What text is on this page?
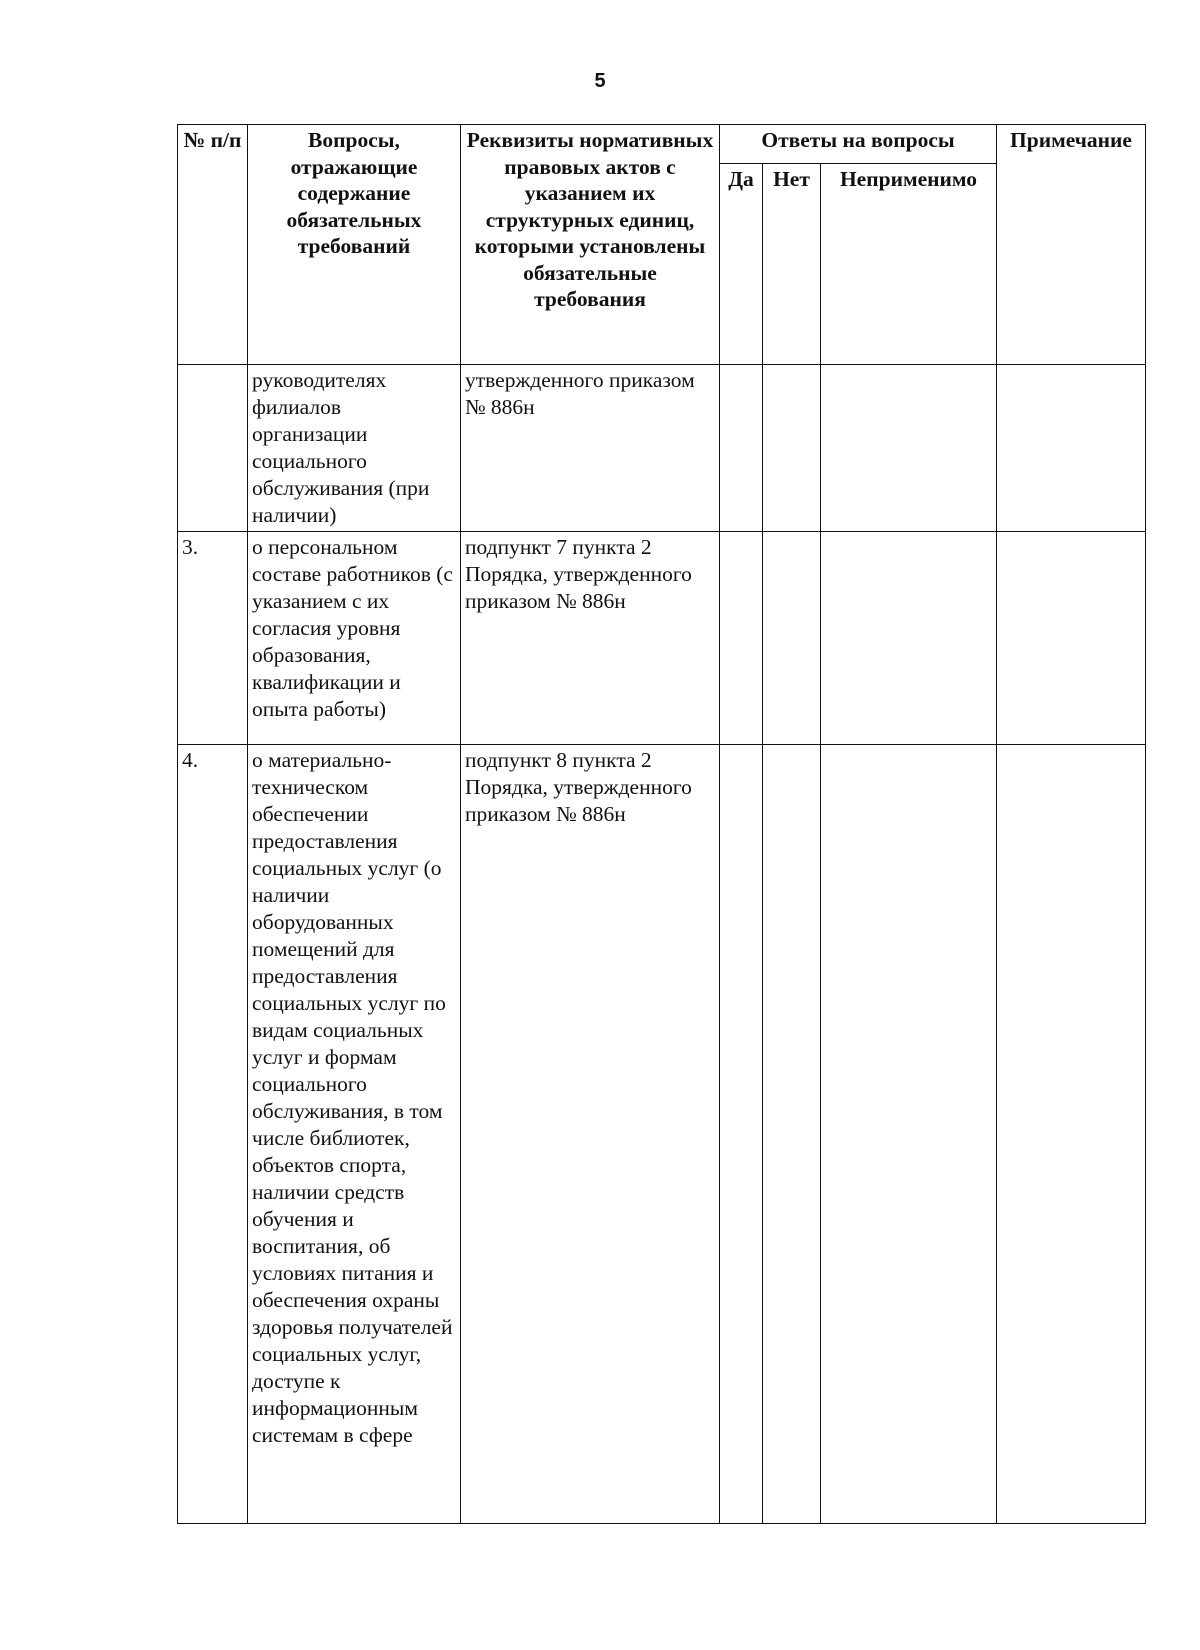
5
№ п/п	Вопросы, отражающие содержание обязательных требований	Реквизиты нормативных правовых актов с указанием их структурных единиц, которыми установлены обязательные требования	Ответы на вопросы			Примечание
			Да	Нет	Неприменимо	
	руководителях филиалов организации социального обслуживания (при наличии)	утвержденного приказом № 886н				
3.	о персональном составе работников (с указанием с их согласия уровня образования, квалификации и опыта работы)	подпункт 7 пункта 2 Порядка, утвержденного приказом № 886н				
4.	о материально-техническом обеспечении предоставления социальных услуг (о наличии оборудованных помещений для предоставления социальных услуг по видам социальных услуг и формам социального обслуживания, в том числе библиотек, объектов спорта, наличии средств обучения и воспитания, об условиях питания и обеспечения охраны здоровья получателей социальных услуг, доступе к информационным системам в сфере	подпункт 8 пункта 2 Порядка, утвержденного приказом № 886н				
